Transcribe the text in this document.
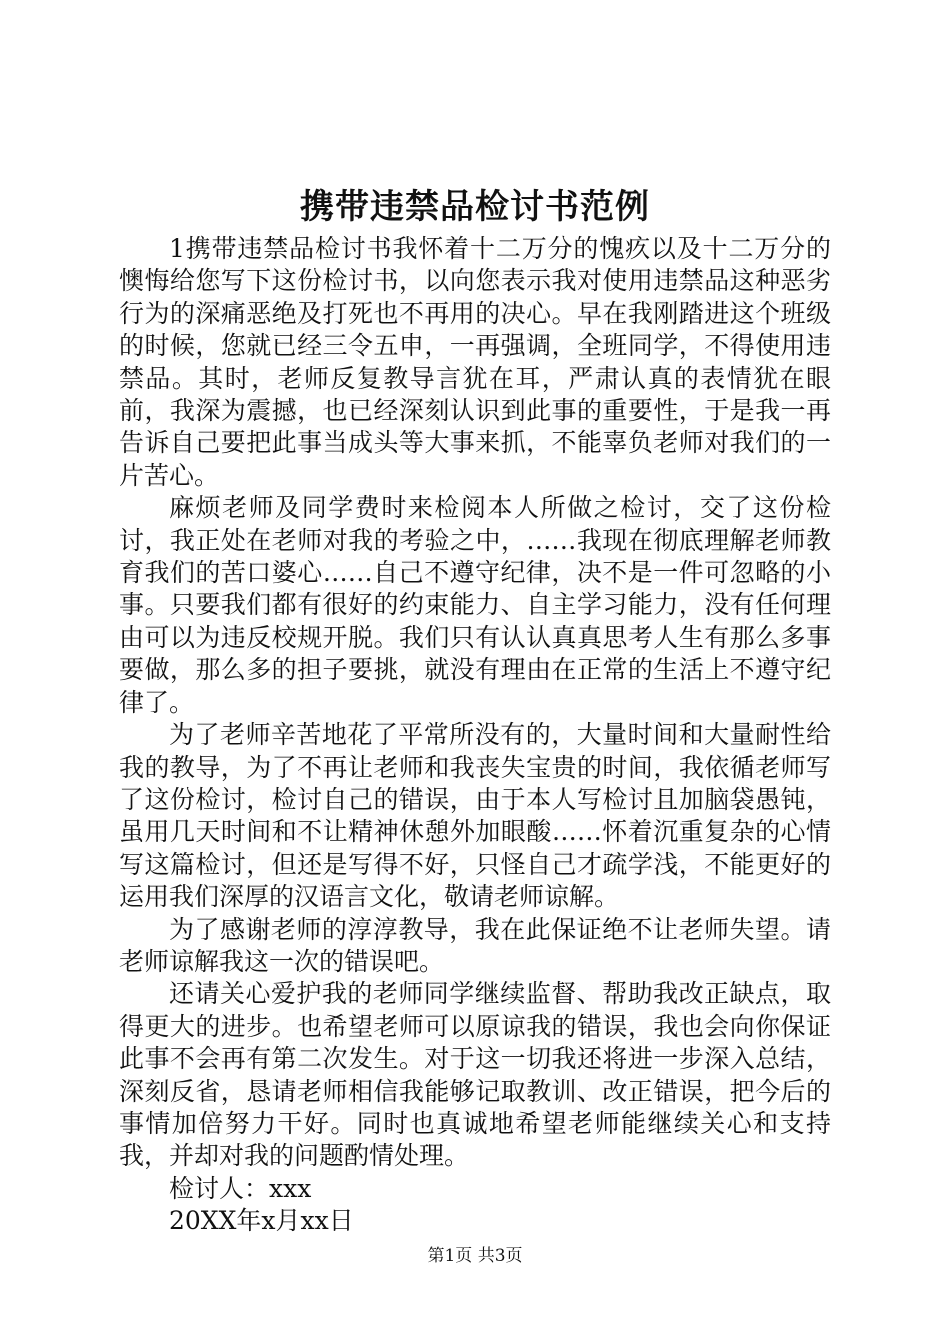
携带违禁品检讨书范例

1携带违禁品检讨书我怀着十二万分的愧疚以及十二万分的懊悔给您写下这份检讨书，以向您表示我对使用违禁品这种恶劣行为的深痛恶绝及打死也不再用的决心。早在我刚踏进这个班级的时候，您就已经三令五申，一再强调，全班同学，不得使用违禁品。其时，老师反复教导言犹在耳，严肃认真的表情犹在眼前，我深为震撼，也已经深刻认识到此事的重要性，于是我一再告诉自己要把此事当成头等大事来抓，不能辜负老师对我们的一片苦心。

麻烦老师及同学费时来检阅本人所做之检讨，交了这份检讨，我正处在老师对我的考验之中，……我现在彻底理解老师教育我们的苦口婆心……自己不遵守纪律，决不是一件可忽略的小事。只要我们都有很好的约束能力、自主学习能力，没有任何理由可以为违反校规开脱。我们只有认认真真思考人生有那么多事要做，那么多的担子要挑，就没有理由在正常的生活上不遵守纪律了。

为了老师辛苦地花了平常所没有的，大量时间和大量耐性给我的教导，为了不再让老师和我丧失宝贵的时间，我依循老师写了这份检讨，检讨自己的错误，由于本人写检讨且加脑袋愚钝，虽用几天时间和不让精神休憩外加眼酸……怀着沉重复杂的心情写这篇检讨，但还是写得不好，只怪自己才疏学浅，不能更好的运用我们深厚的汉语言文化，敬请老师谅解。

为了感谢老师的淳淳教导，我在此保证绝不让老师失望。请老师谅解我这一次的错误吧。

还请关心爱护我的老师同学继续监督、帮助我改正缺点，取得更大的进步。也希望老师可以原谅我的错误，我也会向你保证此事不会再有第二次发生。对于这一切我还将进一步深入总结，深刻反省，恳请老师相信我能够记取教训、改正错误，把今后的事情加倍努力干好。同时也真诚地希望老师能继续关心和支持我，并却对我的问题酌情处理。

检讨人：xxx

20XX年x月xx日

第1页 共3页
